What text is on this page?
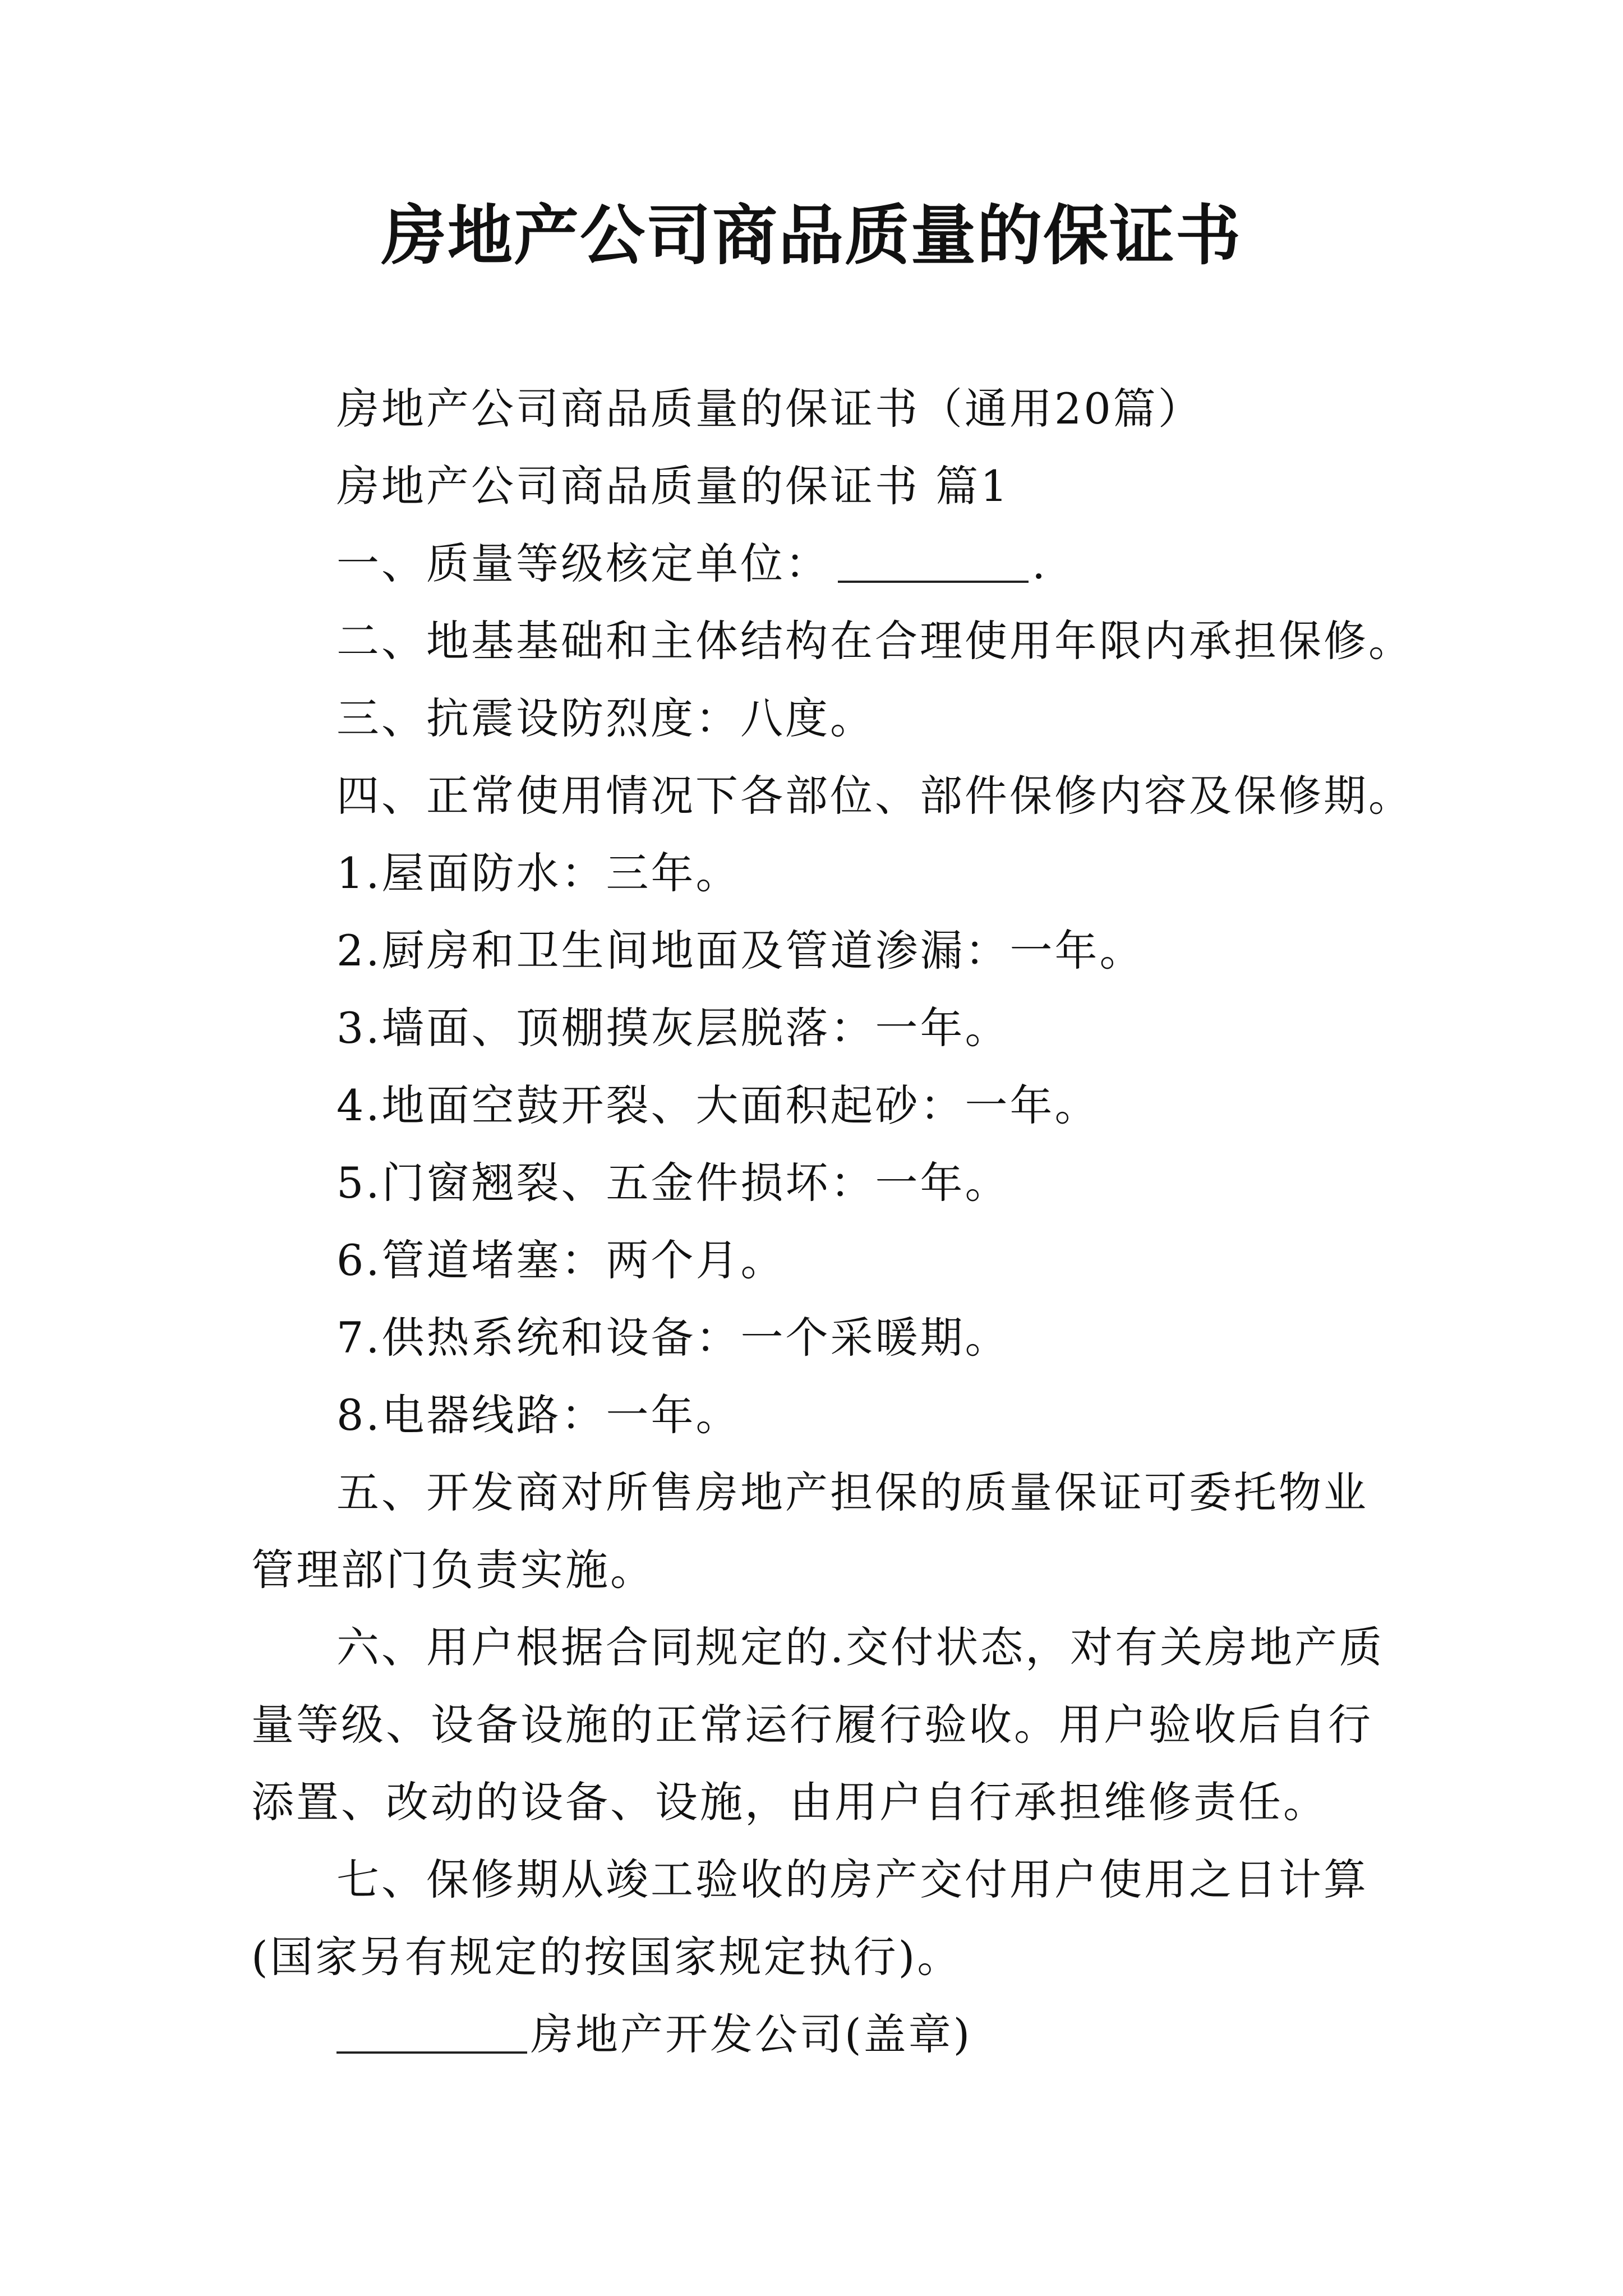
房地产公司商品质量的保证书

房地产公司商品质量的保证书（通用20篇）

房地产公司商品质量的保证书 篇1

一、质量等级核定单位：	.

二、地基基础和主体结构在合理使用年限内承担保修。

三、抗震设防烈度：八度。

四、正常使用情况下各部位、部件保修内容及保修期。

1.屋面防水：三年。

2.厨房和卫生间地面及管道渗漏：一年。

3.墙面、顶棚摸灰层脱落：一年。

4.地面空鼓开裂、大面积起砂：一年。

5.门窗翘裂、五金件损坏：一年。

6.管道堵塞：两个月。

7.供热系统和设备：一个采暖期。

8.电器线路：一年。

五、开发商对所售房地产担保的质量保证可委托物业管理部门负责实施。

六、用户根据合同规定的.交付状态，对有关房地产质量等级、设备设施的正常运行履行验收。用户验收后自行添置、改动的设备、设施，由用户自行承担维修责任。

七、保修期从竣工验收的房产交付用户使用之日计算(国家另有规定的按国家规定执行)。

房地产开发公司(盖章)
